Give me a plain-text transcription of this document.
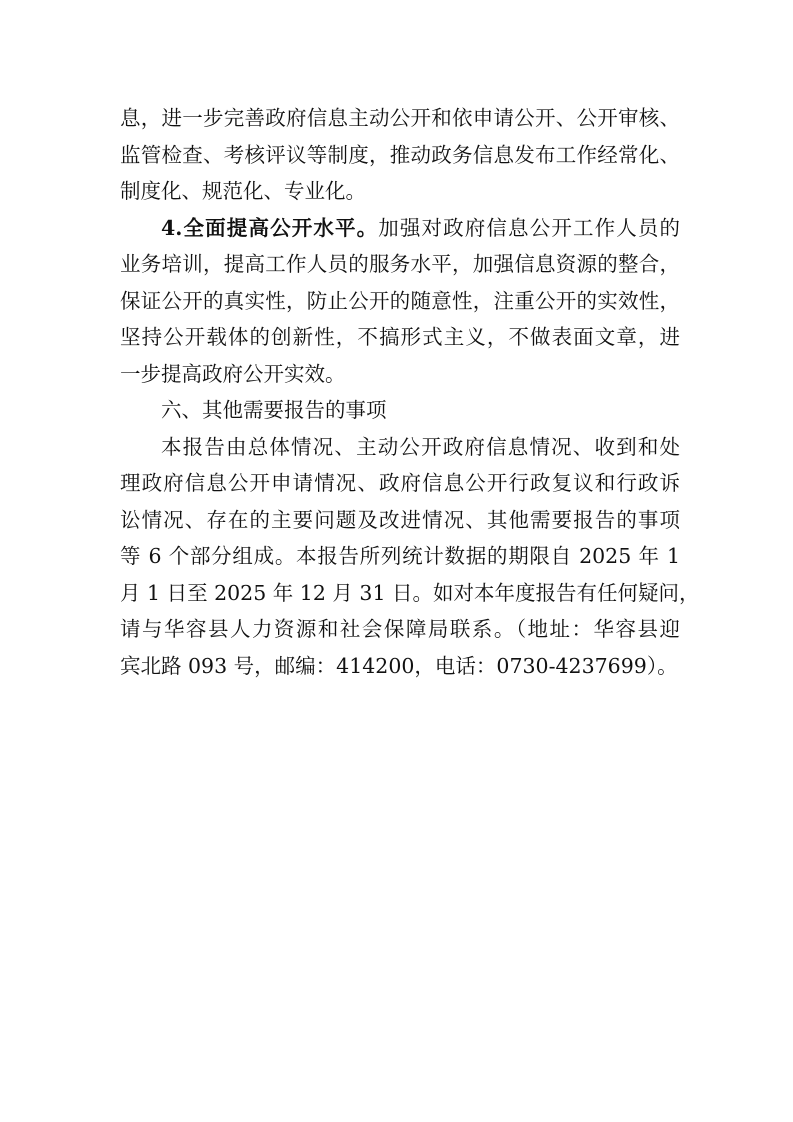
息，进一步完善政府信息主动公开和依申请公开、公开审核、
监管检查、考核评议等制度，推动政务信息发布工作经常化、
制度化、规范化、专业化。
4.全面提高公开水平。加强对政府信息公开工作人员的
业务培训，提高工作人员的服务水平，加强信息资源的整合，
保证公开的真实性，防止公开的随意性，注重公开的实效性，
坚持公开载体的创新性，不搞形式主义，不做表面文章，进
一步提高政府公开实效。
六、其他需要报告的事项
本报告由总体情况、主动公开政府信息情况、收到和处
理政府信息公开申请情况、政府信息公开行政复议和行政诉
讼情况、存在的主要问题及改进情况、其他需要报告的事项
等 6 个部分组成。本报告所列统计数据的期限自 2025 年 1
月 1 日至 2025 年 12 月 31 日。如对本年度报告有任何疑问，
请与华容县人力资源和社会保障局联系。（地址：华容县迎
宾北路 093 号，邮编：414200，电话：0730-4237699）。
